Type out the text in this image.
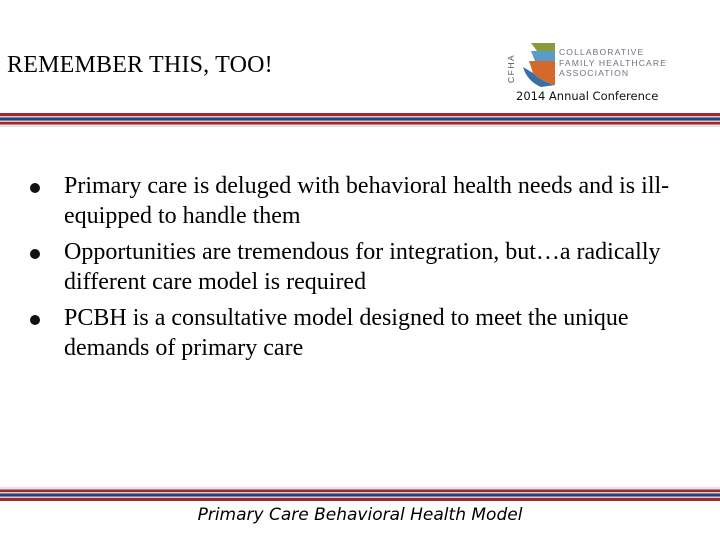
REMEMBER THIS, TOO!	CFHA
COLLABORATIVE
FAMILY HEALTHCARE
ASSOCIATION
2014 Annual Conference
Primary care is deluged with behavioral health needs and is ill-equipped to handle them
Opportunities are tremendous for integration, but…a radically different care model is required
PCBH is a consultative model designed to meet the unique demands of primary care
Primary Care Behavioral Health Model
